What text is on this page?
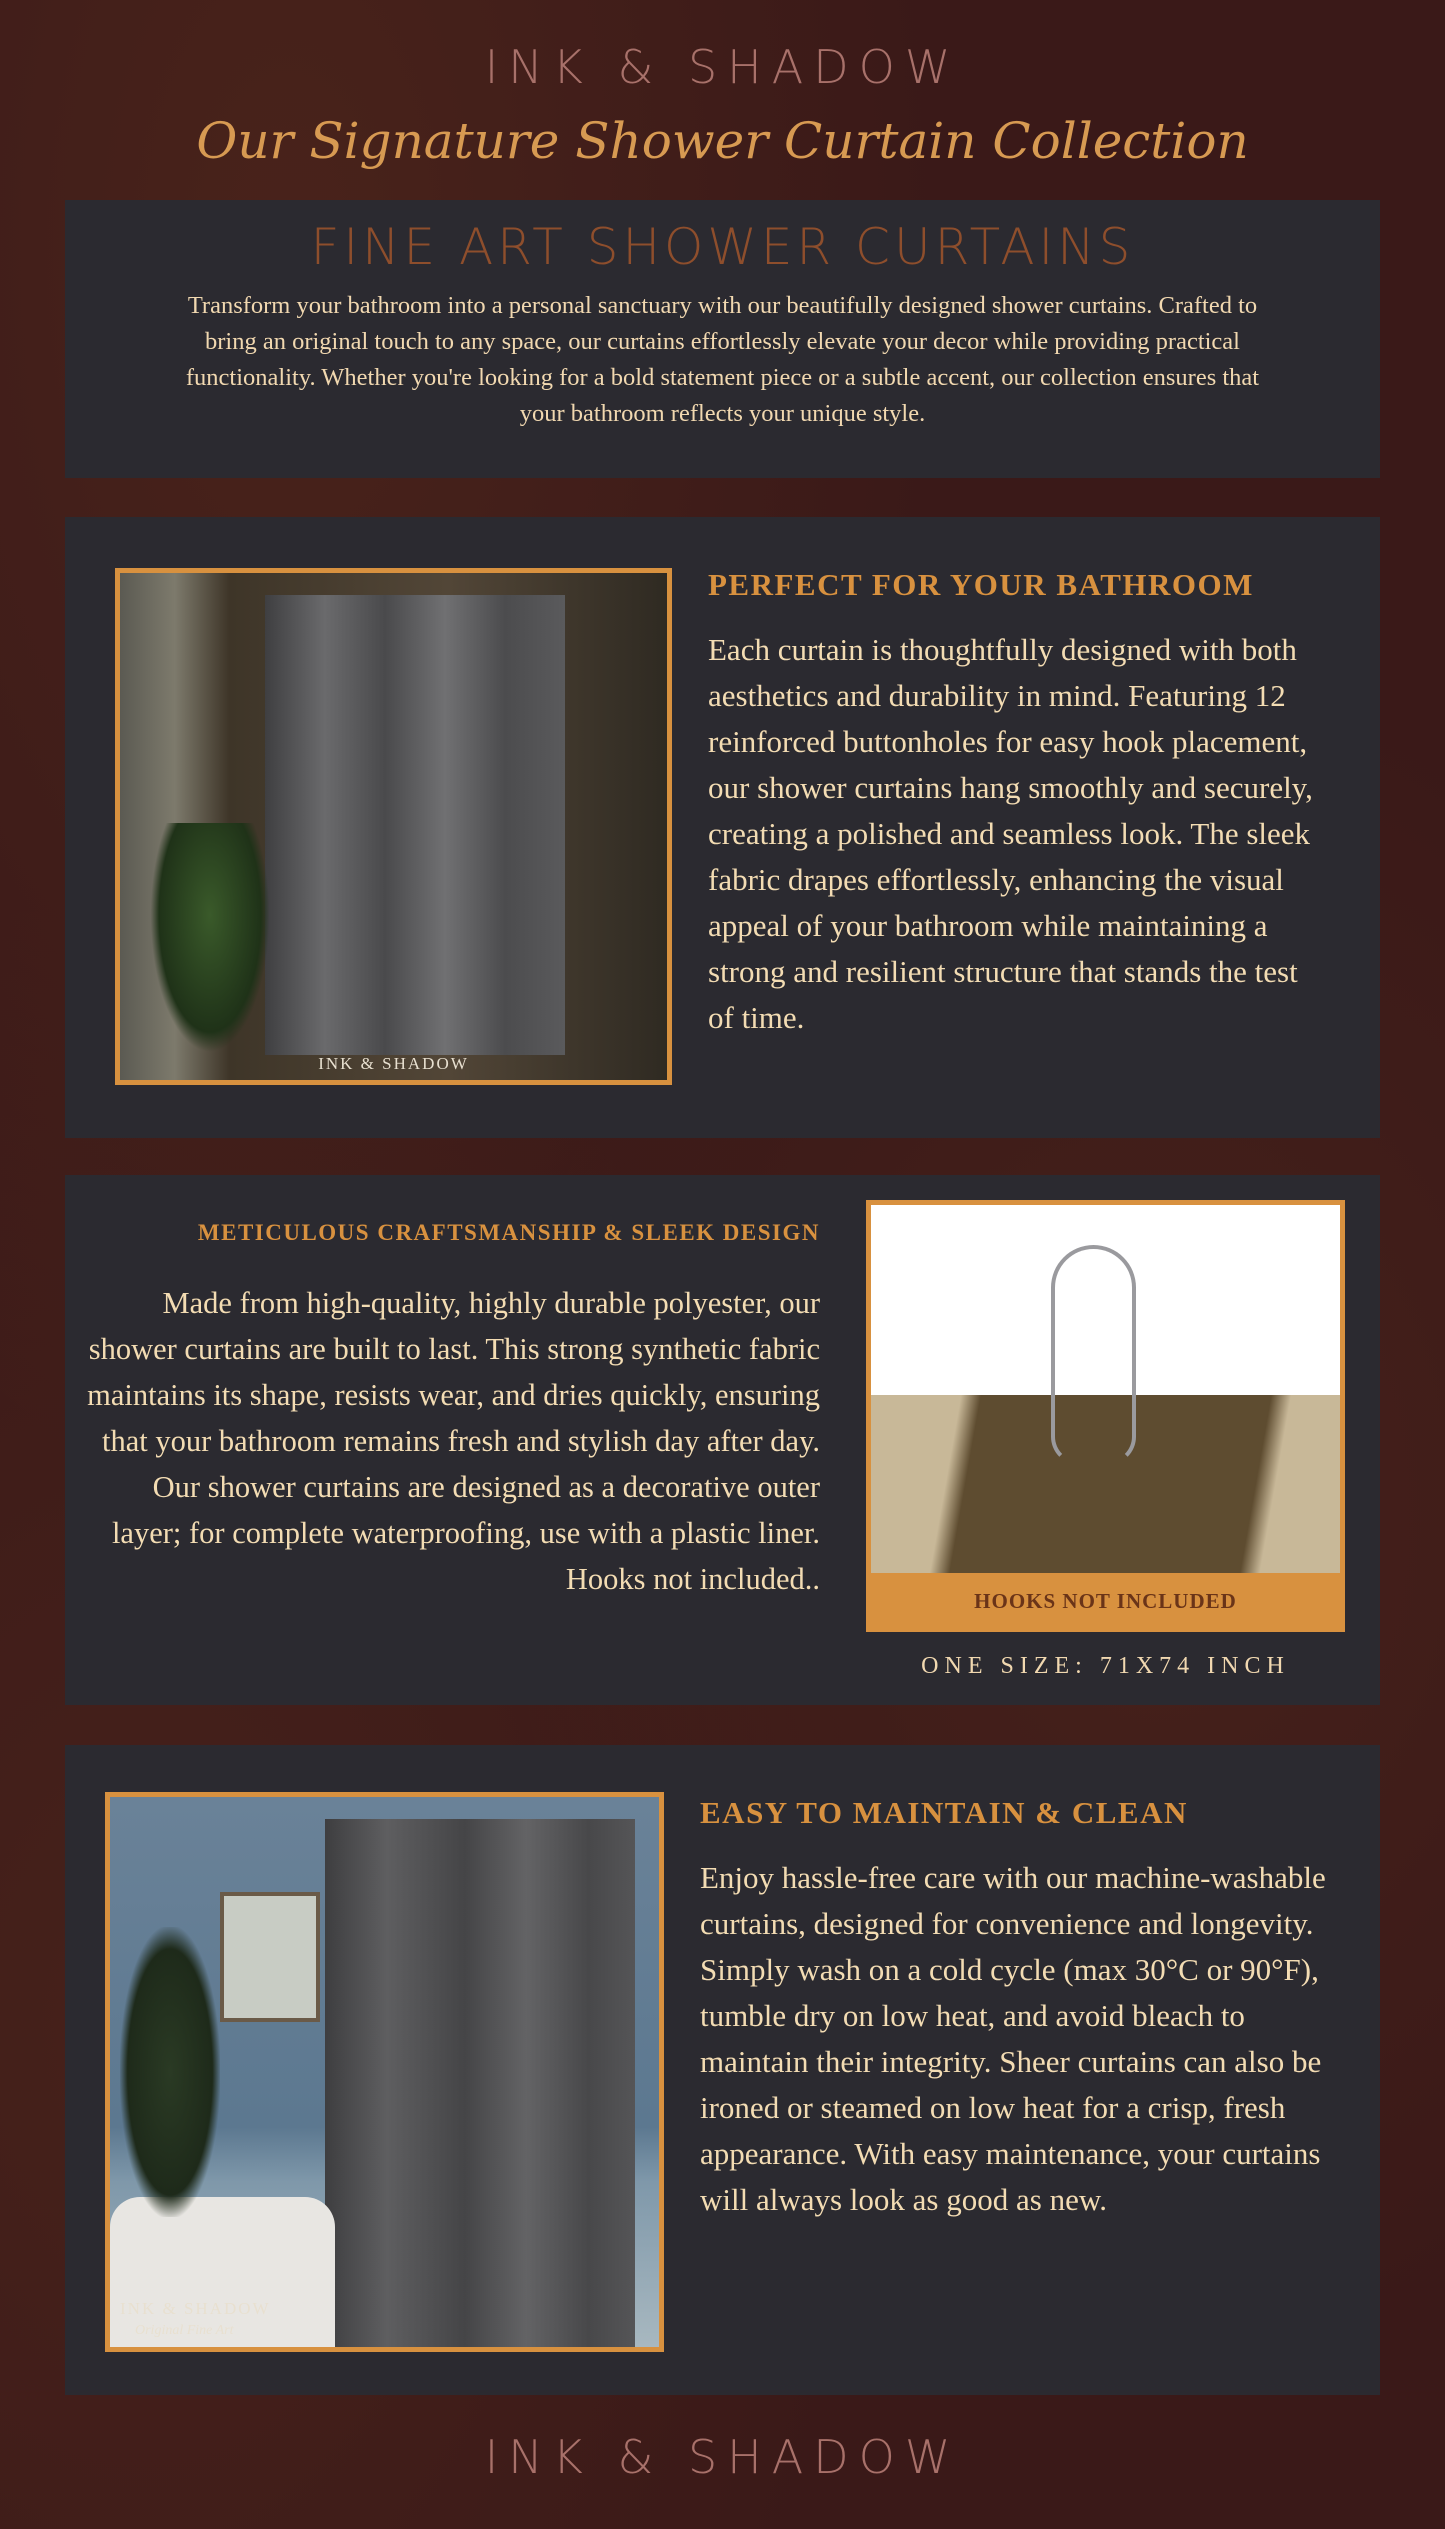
INK & SHADOW
Our Signature Shower Curtain Collection
FINE ART SHOWER CURTAINS

Transform your bathroom into a personal sanctuary with our beautifully designed shower curtains. Crafted to bring an original touch to any space, our curtains effortlessly elevate your decor while providing practical functionality. Whether you're looking for a bold statement piece or a subtle accent, our collection ensures that your bathroom reflects your unique style.

INK & SHADOW
PERFECT FOR YOUR BATHROOM
Each curtain is thoughtfully designed with both aesthetics and durability in mind. Featuring 12 reinforced buttonholes for easy hook placement, our shower curtains hang smoothly and securely, creating a polished and seamless look. The sleek fabric drapes effortlessly, enhancing the visual appeal of your bathroom while maintaining a strong and resilient structure that stands the test of time.
METICULOUS CRAFTSMANSHIP & SLEEK DESIGN
Made from high-quality, highly durable polyester, our shower curtains are built to last. This strong synthetic fabric maintains its shape, resists wear, and dries quickly, ensuring that your bathroom remains fresh and stylish day after day. Our shower curtains are designed as a decorative outer layer; for complete waterproofing, use with a plastic liner. Hooks not included..
HOOKS NOT INCLUDED
ONE SIZE: 71X74 INCH
INK & SHADOW
Original Fine Art
EASY TO MAINTAIN & CLEAN
Enjoy hassle-free care with our machine-washable curtains, designed for convenience and longevity. Simply wash on a cold cycle (max 30°C or 90°F), tumble dry on low heat, and avoid bleach to maintain their integrity. Sheer curtains can also be ironed or steamed on low heat for a crisp, fresh appearance. With easy maintenance, your curtains will always look as good as new.
INK & SHADOW
